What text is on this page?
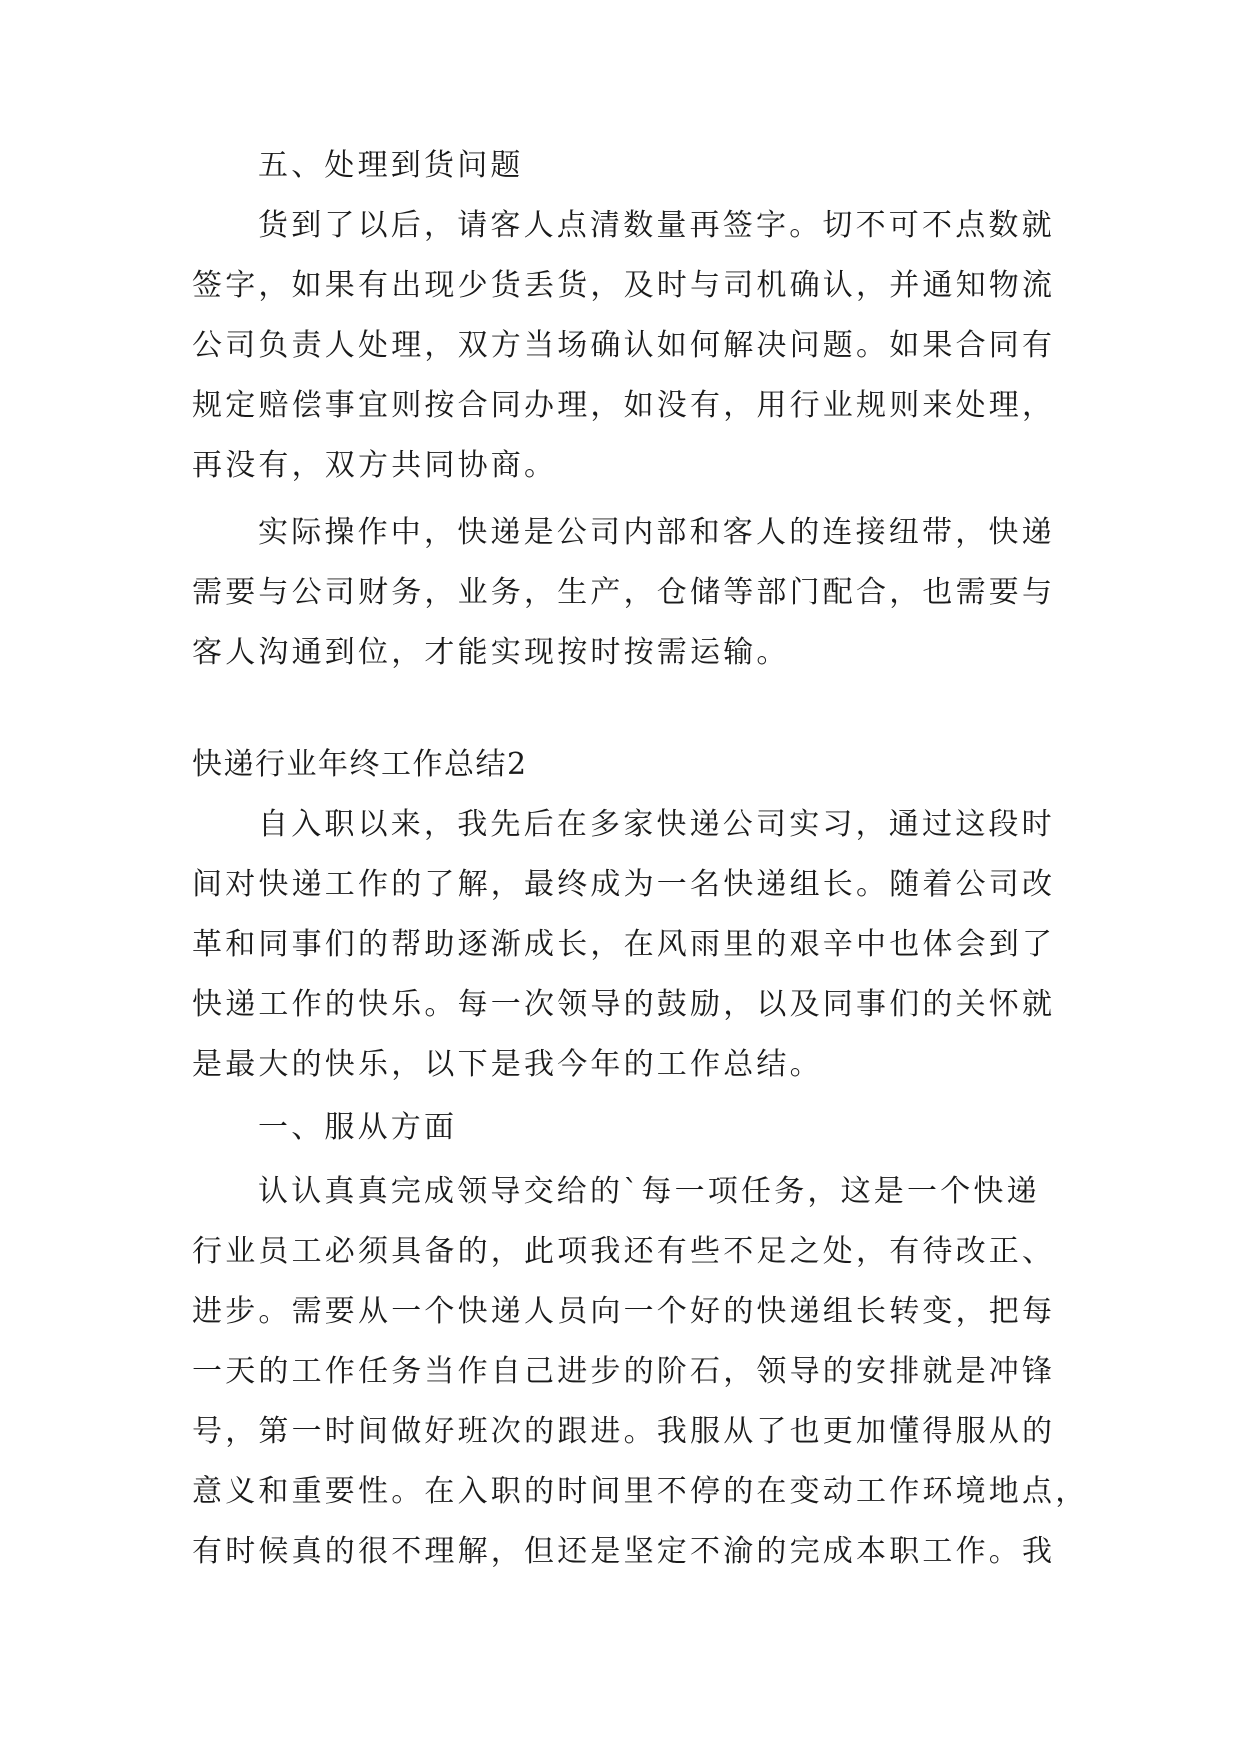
五、处理到货问题
货到了以后，请客人点清数量再签字。切不可不点数就
签字，如果有出现少货丢货，及时与司机确认，并通知物流
公司负责人处理，双方当场确认如何解决问题。如果合同有
规定赔偿事宜则按合同办理，如没有，用行业规则来处理，
再没有，双方共同协商。
实际操作中，快递是公司内部和客人的连接纽带，快递
需要与公司财务，业务，生产，仓储等部门配合，也需要与
客人沟通到位，才能实现按时按需运输。
快递行业年终工作总结2
自入职以来，我先后在多家快递公司实习，通过这段时
间对快递工作的了解，最终成为一名快递组长。随着公司改
革和同事们的帮助逐渐成长，在风雨里的艰辛中也体会到了
快递工作的快乐。每一次领导的鼓励，以及同事们的关怀就
是最大的快乐，以下是我今年的工作总结。
一、服从方面
认认真真完成领导交给的`每一项任务，这是一个快递
行业员工必须具备的，此项我还有些不足之处，有待改正、
进步。需要从一个快递人员向一个好的快递组长转变，把每
一天的工作任务当作自己进步的阶石，领导的安排就是冲锋
号，第一时间做好班次的跟进。我服从了也更加懂得服从的
意义和重要性。在入职的时间里不停的在变动工作环境地点，
有时候真的很不理解，但还是坚定不渝的完成本职工作。我
